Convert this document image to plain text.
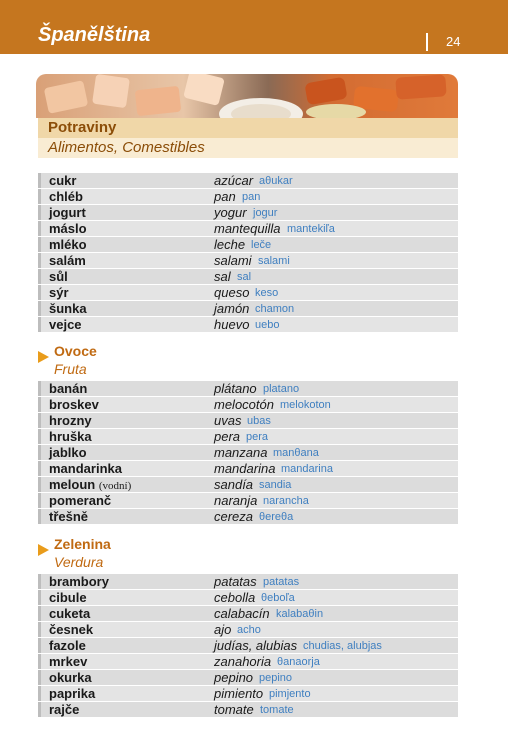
Španělština	24
Potraviny
Alimentos, Comestibles
cukr	azúcar aθukar
chléb	pan pan
jogurt	yogur jogur
máslo	mantequilla mantekiľa
mléko	leche leče
salám	salami salami
sůl	sal sal
sýr	queso keso
šunka	jamón chamon
vejce	huevo uebo
Ovoce
Fruta
banán	plátano platano
broskev	melocotón melokoton
hrozny	uvas ubas
hruška	pera pera
jablko	manzana manθana
mandarinka	mandarina mandarina
meloun (vodní)	sandía sandia
pomeranč	naranja narancha
třešně	cereza θereθa
Zelenina
Verdura
brambory	patatas patatas
cibule	cebolla θeboľa
cuketa	calabacín kalabaθin
česnek	ajo acho
fazole	judías, alubias chudias, alubjas
mrkev	zanahoria θanaorja
okurka	pepino pepino
paprika	pimiento pimjento
rajče	tomate tomate
